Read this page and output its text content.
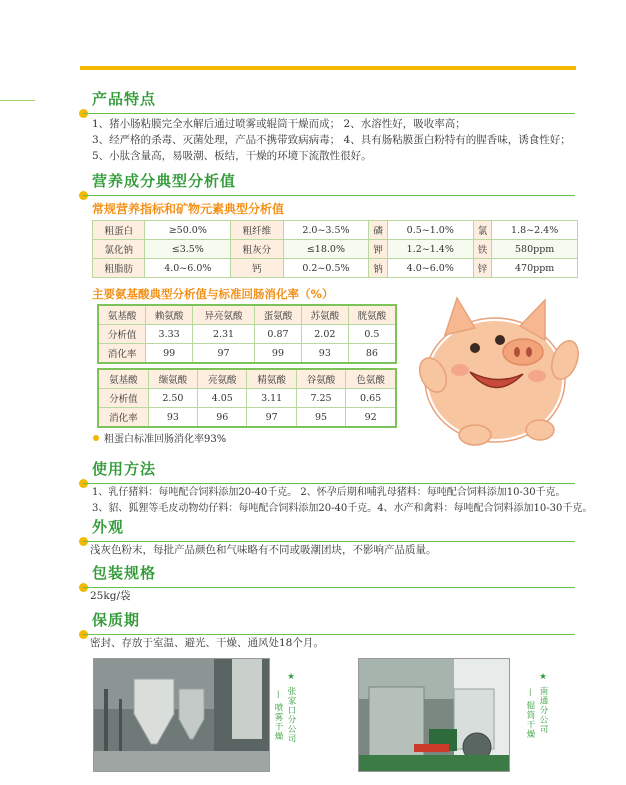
产品特点
1、猪小肠粘膜完全水解后通过喷雾或辊筒干燥而成； 2、水溶性好，吸收率高；
3、经严格的杀毒、灭菌处理，产品不携带致病病毒； 4、具有肠粘膜蛋白粉特有的腥香味，诱食性好；
5、小肽含量高，易吸潮、板结，干燥的环境下流散性很好。
营养成分典型分析值
常规营养指标和矿物元素典型分析值
粗蛋白	≥50.0%	粗纤维	2.0~3.5%	磷	0.5~1.0%	氯	1.8~2.4%
氯化钠	≤3.5%	粗灰分	≤18.0%	钾	1.2~1.4%	铁	580ppm
粗脂肪	4.0~6.0%	钙	0.2~0.5%	钠	4.0~6.0%	锌	470ppm
主要氨基酸典型分析值与标准回肠消化率（%）
氨基酸	赖氨酸	异亮氨酸	蛋氨酸	苏氨酸	胱氨酸
分析值	3.33	2.31	0.87	2.02	0.5
消化率	99	97	99	93	86
氨基酸	缬氨酸	亮氨酸	精氨酸	谷氨酸	色氨酸
分析值	2.50	4.05	3.11	7.25	0.65
消化率	93	96	97	95	92
粗蛋白标准回肠消化率93%
使用方法
1、乳仔猪料：每吨配合饲料添加20-40千克。 2、怀孕后期和哺乳母猪料：每吨配合饲料添加10-30千克。
3、貂、狐狸等毛皮动物幼仔料：每吨配合饲料添加20-40千克。4、水产和禽料：每吨配合饲料添加10-30千克。
外观
浅灰色粉末，每批产品颜色和气味略有不同或吸潮团块，不影响产品质量。
包装规格
25kg/袋
保质期
密封、存放于室温、避光、干燥、通风处18个月。
★ 张家口分公司
— 喷雾干燥	★ 南通分公司
— 辊筒干燥
